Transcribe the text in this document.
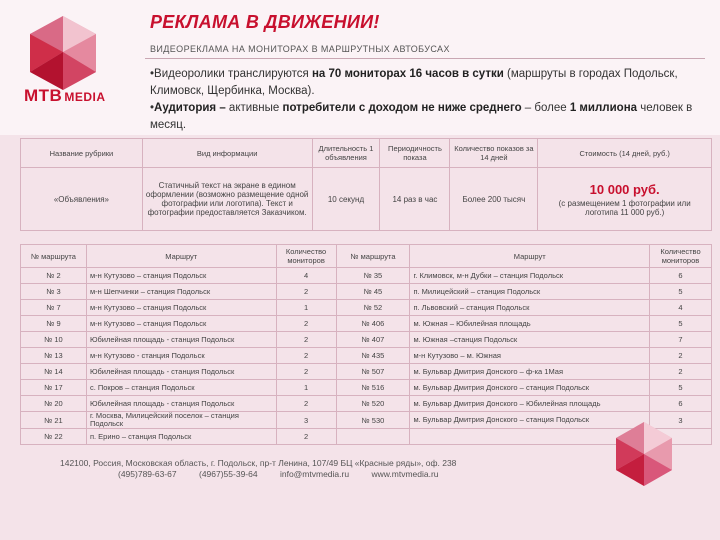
МТВ MEDIA
РЕКЛАМА В ДВИЖЕНИИ!
ВИДЕОРЕКЛАМА НА МОНИТОРАХ В МАРШРУТНЫХ АВТОБУСАХ

•Видеоролики транслируются на 70 мониторах 16 часов в сутки (маршруты в городах Подольск, Климовск, Щербинка, Москва).

•Аудитория – активные потребители с доходом не ниже среднего – более 1 миллиона человек в месяц.

Название рубрики	Вид информации	Длительность 1 объявления	Периодичность показа	Количество показов за 14 дней	Стоимость (14 дней, руб.)
«Объявления»	Статичный текст на экране в едином оформлении (возможно размещение одной фотографии или логотипа). Текст и фотографии предоставляется Заказчиком.	10 секунд	14 раз в час	Более 200 тысяч	10 000 руб.
(с размещением 1 фотографии или логотипа 11 000 руб.)
№ маршрута	Маршрут	Количество мониторов	№ маршрута	Маршрут	Количество мониторов
№ 2	м-н Кутузово – станция Подольск	4	№ 35	г. Климовск, м-н Дубки – станция Подольск	6
№ 3	м-н Шепчинки – станция Подольск	2	№ 45	п. Милицейский – станция Подольск	5
№ 7	м-н Кутузово – станция Подольск	1	№ 52	п. Львовский – станция Подольск	4
№ 9	м-н Кутузово – станция Подольск	2	№ 406	м. Южная – Юбилейная площадь	5
№ 10	Юбилейная площадь - станция Подольск	2	№ 407	м. Южная –станция Подольск	7
№ 13	м-н Кутузово - станция Подольск	2	№ 435	м-н Кутузово – м. Южная	2
№ 14	Юбилейная площадь - станция Подольск	2	№ 507	м. Бульвар Дмитрия Донского – ф-ка 1Мая	2
№ 17	с. Покров – станция Подольск	1	№ 516	м. Бульвар Дмитрия Донского – станция Подольск	5
№ 20	Юбилейная площадь - станция Подольск	2	№ 520	м. Бульвар Дмитрия Донского – Юбилейная площадь	6
№ 21	г. Москва, Милицейский поселок – станция Подольск	3	№ 530	м. Бульвар Дмитрия Донского – станция Подольск	3
№ 22	п. Ерино – станция Подольск	2			
142100, Россия, Московская область, г. Подольск, пр-т Ленина, 107/49 БЦ «Красные ряды», оф. 238
(495)789-63-67	(4967)55-39-64	info@mtvmedia.ru	www.mtvmedia.ru
